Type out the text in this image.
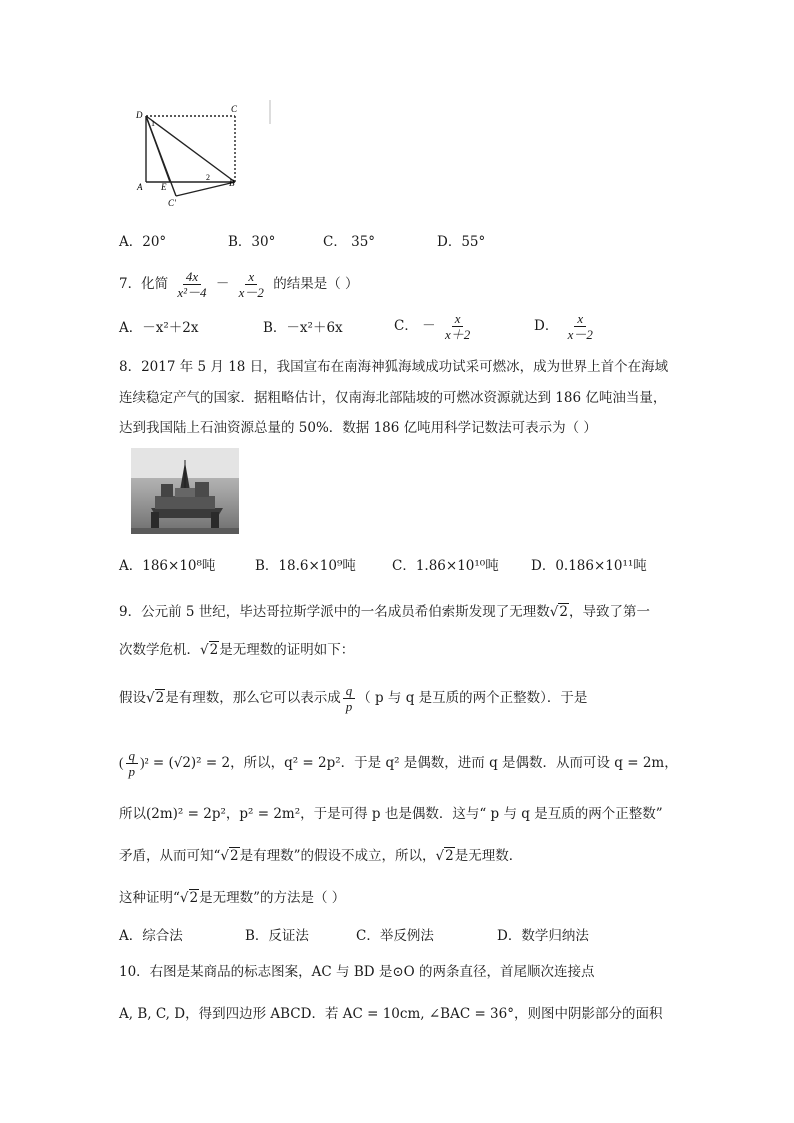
D
C
1
A E
2
B
C'
A．20°	B．30°	C． 35°	D．55°
7．化简 $\frac{4x}{\text{x²－4}} - \frac{x}{x-2}$ 的结果是（ ）
A．－x²＋2x	B．－x²＋6x	C． － $\frac{x}{x+2}$	D． $\frac{x}{x-2}$
8．2017 年 5 月 18 日，我国宣布在南海神狐海域成功试采可燃冰，成为世界上首个在海域
连续稳定产气的国家．据粗略估计，仅南海北部陆坡的可燃冰资源就达到 186 亿吨油当量，
达到我国陆上石油资源总量的 50%．数据 186 亿吨用科学记数法可表示为（ ）
A．186×10⁸吨	B．18.6×10⁹吨	C．1.86×10¹⁰吨 D．0.186×10¹¹吨
9．公元前 5 世纪，毕达哥拉斯学派中的一名成员希伯索斯发现了无理数√2，导致了第一
次数学危机．√2是无理数的证明如下：
假设√2是有理数，那么它可以表示成 $\frac{q}{p}$ （ p 与 q 是互质的两个正整数）．于是
( $\frac{q}{p} )^2 = (√2)^2 = 2$，所以，q² = 2p²．于是 q² 是偶数，进而 q 是偶数．从而可设 q = 2m，
所以(2m)² = 2p²，p² = 2m²，于是可得 p 也是偶数．这与“ p 与 q 是互质的两个正整数”
矛盾，从而可知“√2是有理数”的假设不成立，所以，√2是无理数．
这种证明“√2是无理数”的方法是（ ）
A．综合法	B．反证法	C．举反例法	D．数学归纳法
10．右图是某商品的标志图案，AC 与 BD 是⊙O 的两条直径，首尾顺次连接点
A, B, C, D，得到四边形 ABCD．若 AC = 10cm, ∠BAC = 36°，则图中阴影部分的面积
